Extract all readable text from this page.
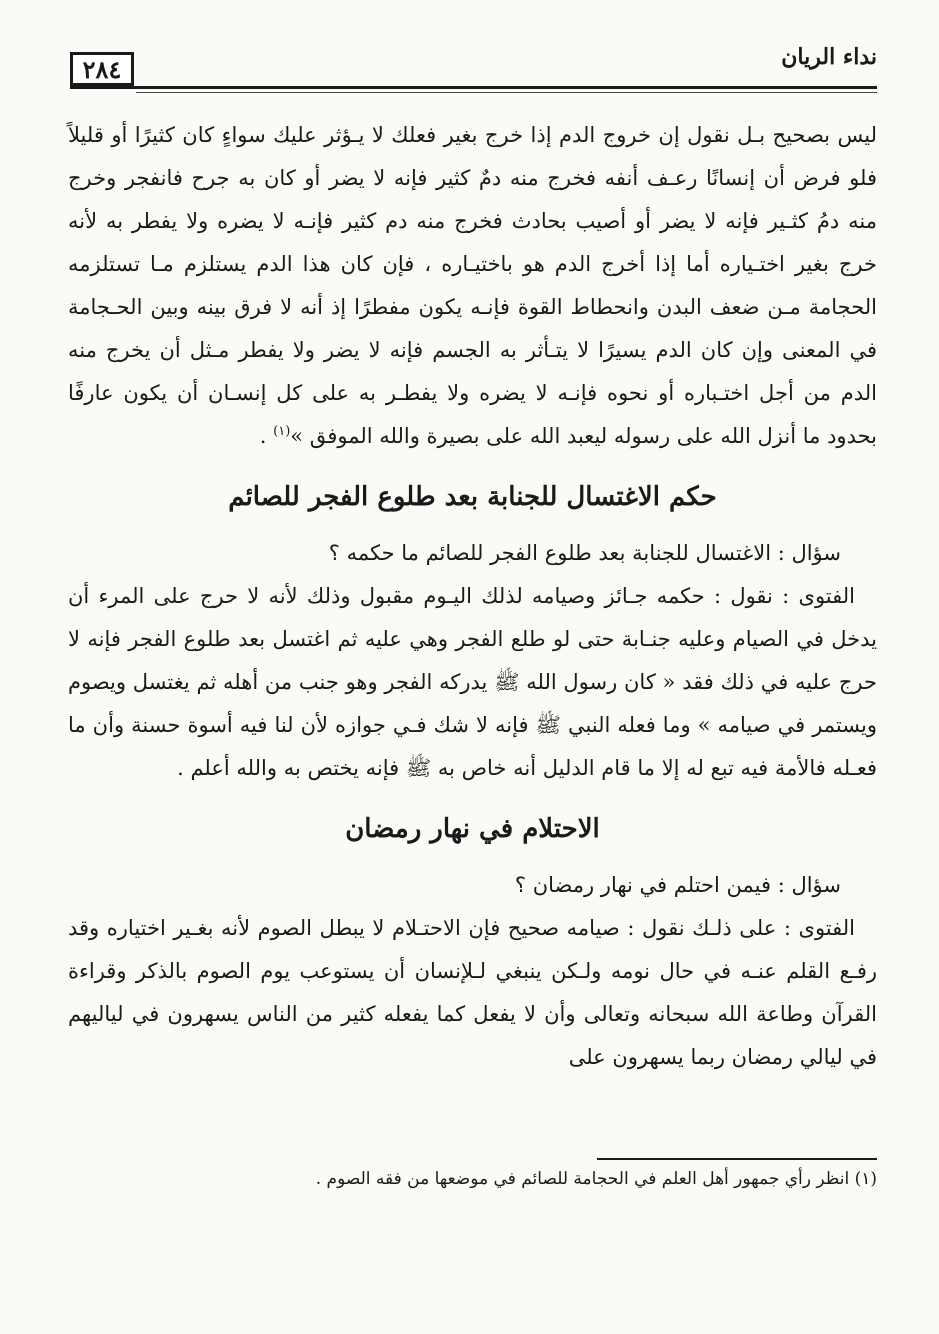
نداء الريان
٢٨٤

ليس بصحيح بـل نقول إن خروج الدم إذا خرج بغير فعلك لا يـؤثر عليك سواءٍ كان كثيرًا أو قليلاً فلو فرض أن إنسانًا رعـف أنفه فخرج منه دمٌ كثير فإنه لا يضر أو كان به جرح فانفجر وخرج منه دمُ كثـير فإنه لا يضر أو أصيب بحادث فخرج منه دم كثير فإنـه لا يضره ولا يفطر به لأنه خرج بغير اختـياره أما إذا أخرج الدم هو باختيـاره ، فإن كان هذا الدم يستلزم مـا تستلزمه الحجامة مـن ضعف البدن وانحطاط القوة فإنـه يكون مفطرًا إذ أنه لا فرق بينه وبين الحـجامة في المعنى وإن كان الدم يسيرًا لا يتـأثر به الجسم فإنه لا يضر ولا يفطر مـثل أن يخرج منه الدم من أجل اختـباره أو نحوه فإنـه لا يضره ولا يفطـر به على كل إنسـان أن يكون عارفًا بحدود ما أنزل الله على رسوله ليعبد الله على بصيرة والله الموفق »$^{(١)}$ .

حكم الاغتسال للجنابة بعد طلوع الفجر للصائم

سؤال : الاغتسال للجنابة بعد طلوع الفجر للصائم ما حكمه ؟

الفتوى : نقول : حكمه جـائز وصيامه لذلك اليـوم مقبول وذلك لأنه لا حرج على المرء أن يدخل في الصيام وعليه جنـابة حتى لو طلع الفجر وهي عليه ثم اغتسل بعد طلوع الفجر فإنه لا حرج عليه في ذلك فقد « كان رسول الله ﷺ يدركه الفجر وهو جنب من أهله ثم يغتسل ويصوم ويستمر في صيامه » وما فعله النبي ﷺ فإنه لا شك فـي جوازه لأن لنا فيه أسوة حسنة وأن ما فعـله فالأمة فيه تبع له إلا ما قام الدليل أنه خاص به ﷺ فإنه يختص به والله أعلم .

الاحتلام في نهار رمضان

سؤال : فيمن احتلم في نهار رمضان ؟

الفتوى : على ذلـك نقول : صيامه صحيح فإن الاحتـلام لا يبطل الصوم لأنه بغـير اختياره وقد رفـع القلم عنـه في حال نومه ولـكن ينبغي لـلإنسان أن يستوعب يوم الصوم بالذكر وقراءة القرآن وطاعة الله سبحانه وتعالى وأن لا يفعل كما يفعله كثير من الناس يسهرون في لياليهم في ليالي رمضان ربما يسهرون على

(١) انظر رأي جمهور أهل العلم في الحجامة للصائم في موضعها من فقه الصوم .
